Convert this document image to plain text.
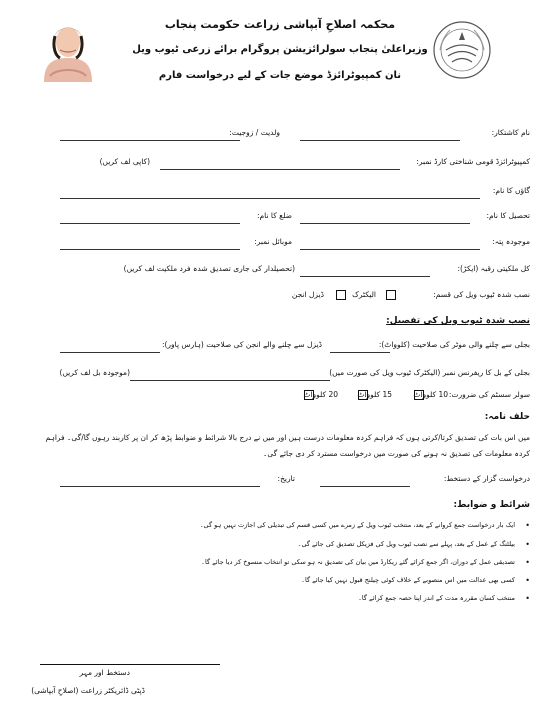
محکمہ اصلاحِ آبپاشی زراعت حکومت پنجاب
وزیراعلیٰ پنجاب سولرائزیشن پروگرام برائے زرعی ٹیوب ویل
نان کمپیوٹرائزڈ موضع جات کے لیے درخواست فارم
نام کاشتکار:
ولدیت / زوجیت:
کمپیوٹرائزڈ قومی شناختی کارڈ نمبر:
(کاپی لف کریں)
گاؤں کا نام:
تحصیل کا نام:
ضلع کا نام:
موجودہ پتہ:
موبائل نمبر:
کل ملکیتی رقبہ (ایکڑ):
(تحصیلدار کی جاری تصدیق شدہ فرد ملکیت لف کریں)
نصب شدہ ٹیوب ویل کی قسم:
الیکٹرک
ڈیزل انجن
نصب شدہ ٹیوب ویل کی تفصیل:
بجلی سے چلنے والی موٹر کی صلاحیت (کلوواٹ):
ڈیزل سے چلنے والے انجن کی صلاحیت (ہارس پاور):
بجلی کے بل کا ریفرنس نمبر (الیکٹرک ٹیوب ویل کی صورت میں)
(موجودہ بل لف کریں)
سولر سسٹم کی ضرورت:
10 کلوواٹ
15 کلوواٹ
20 کلوواٹ
حلف نامہ:
میں اس بات کی تصدیق کرتا/کرتی ہوں کہ فراہم کردہ معلومات درست ہیں اور میں نے درج بالا شرائط و ضوابط پڑھ کر ان پر کاربند رہوں گا/گی۔ فراہم کردہ معلومات کی تصدیق نہ ہونے کی صورت میں درخواست مسترد کر دی جائے گی۔
درخواست گزار کے دستخط:
تاریخ:
شرائط و ضوابط:
•
ایک بار درخواست جمع کروانے کے بعد، منتخب ٹیوب ویل کے زمرے میں کسی قسم کی تبدیلی کی اجازت نہیں ہو گی۔
•
بیلٹنگ کے عمل کے بعد، پہلے سے نصب ٹیوب ویل کی فزیکل تصدیق کی جائے گی۔
•
تصدیقی عمل کے دوران، اگر جمع کرائے گئے ریکارڈ میں بیان کی تصدیق نہ ہو سکی تو انتخاب منسوخ کر دیا جائے گا۔
•
کسی بھی عدالت میں اس منصوبے کے خلاف کوئی چیلنج قبول نہیں کیا جائے گا۔
•
منتخب کسان مقررہ مدت کے اندر اپنا حصہ جمع کرائے گا۔
دستخط اور مہر
ڈپٹی ڈائریکٹر زراعت (اصلاحِ آبپاشی)
